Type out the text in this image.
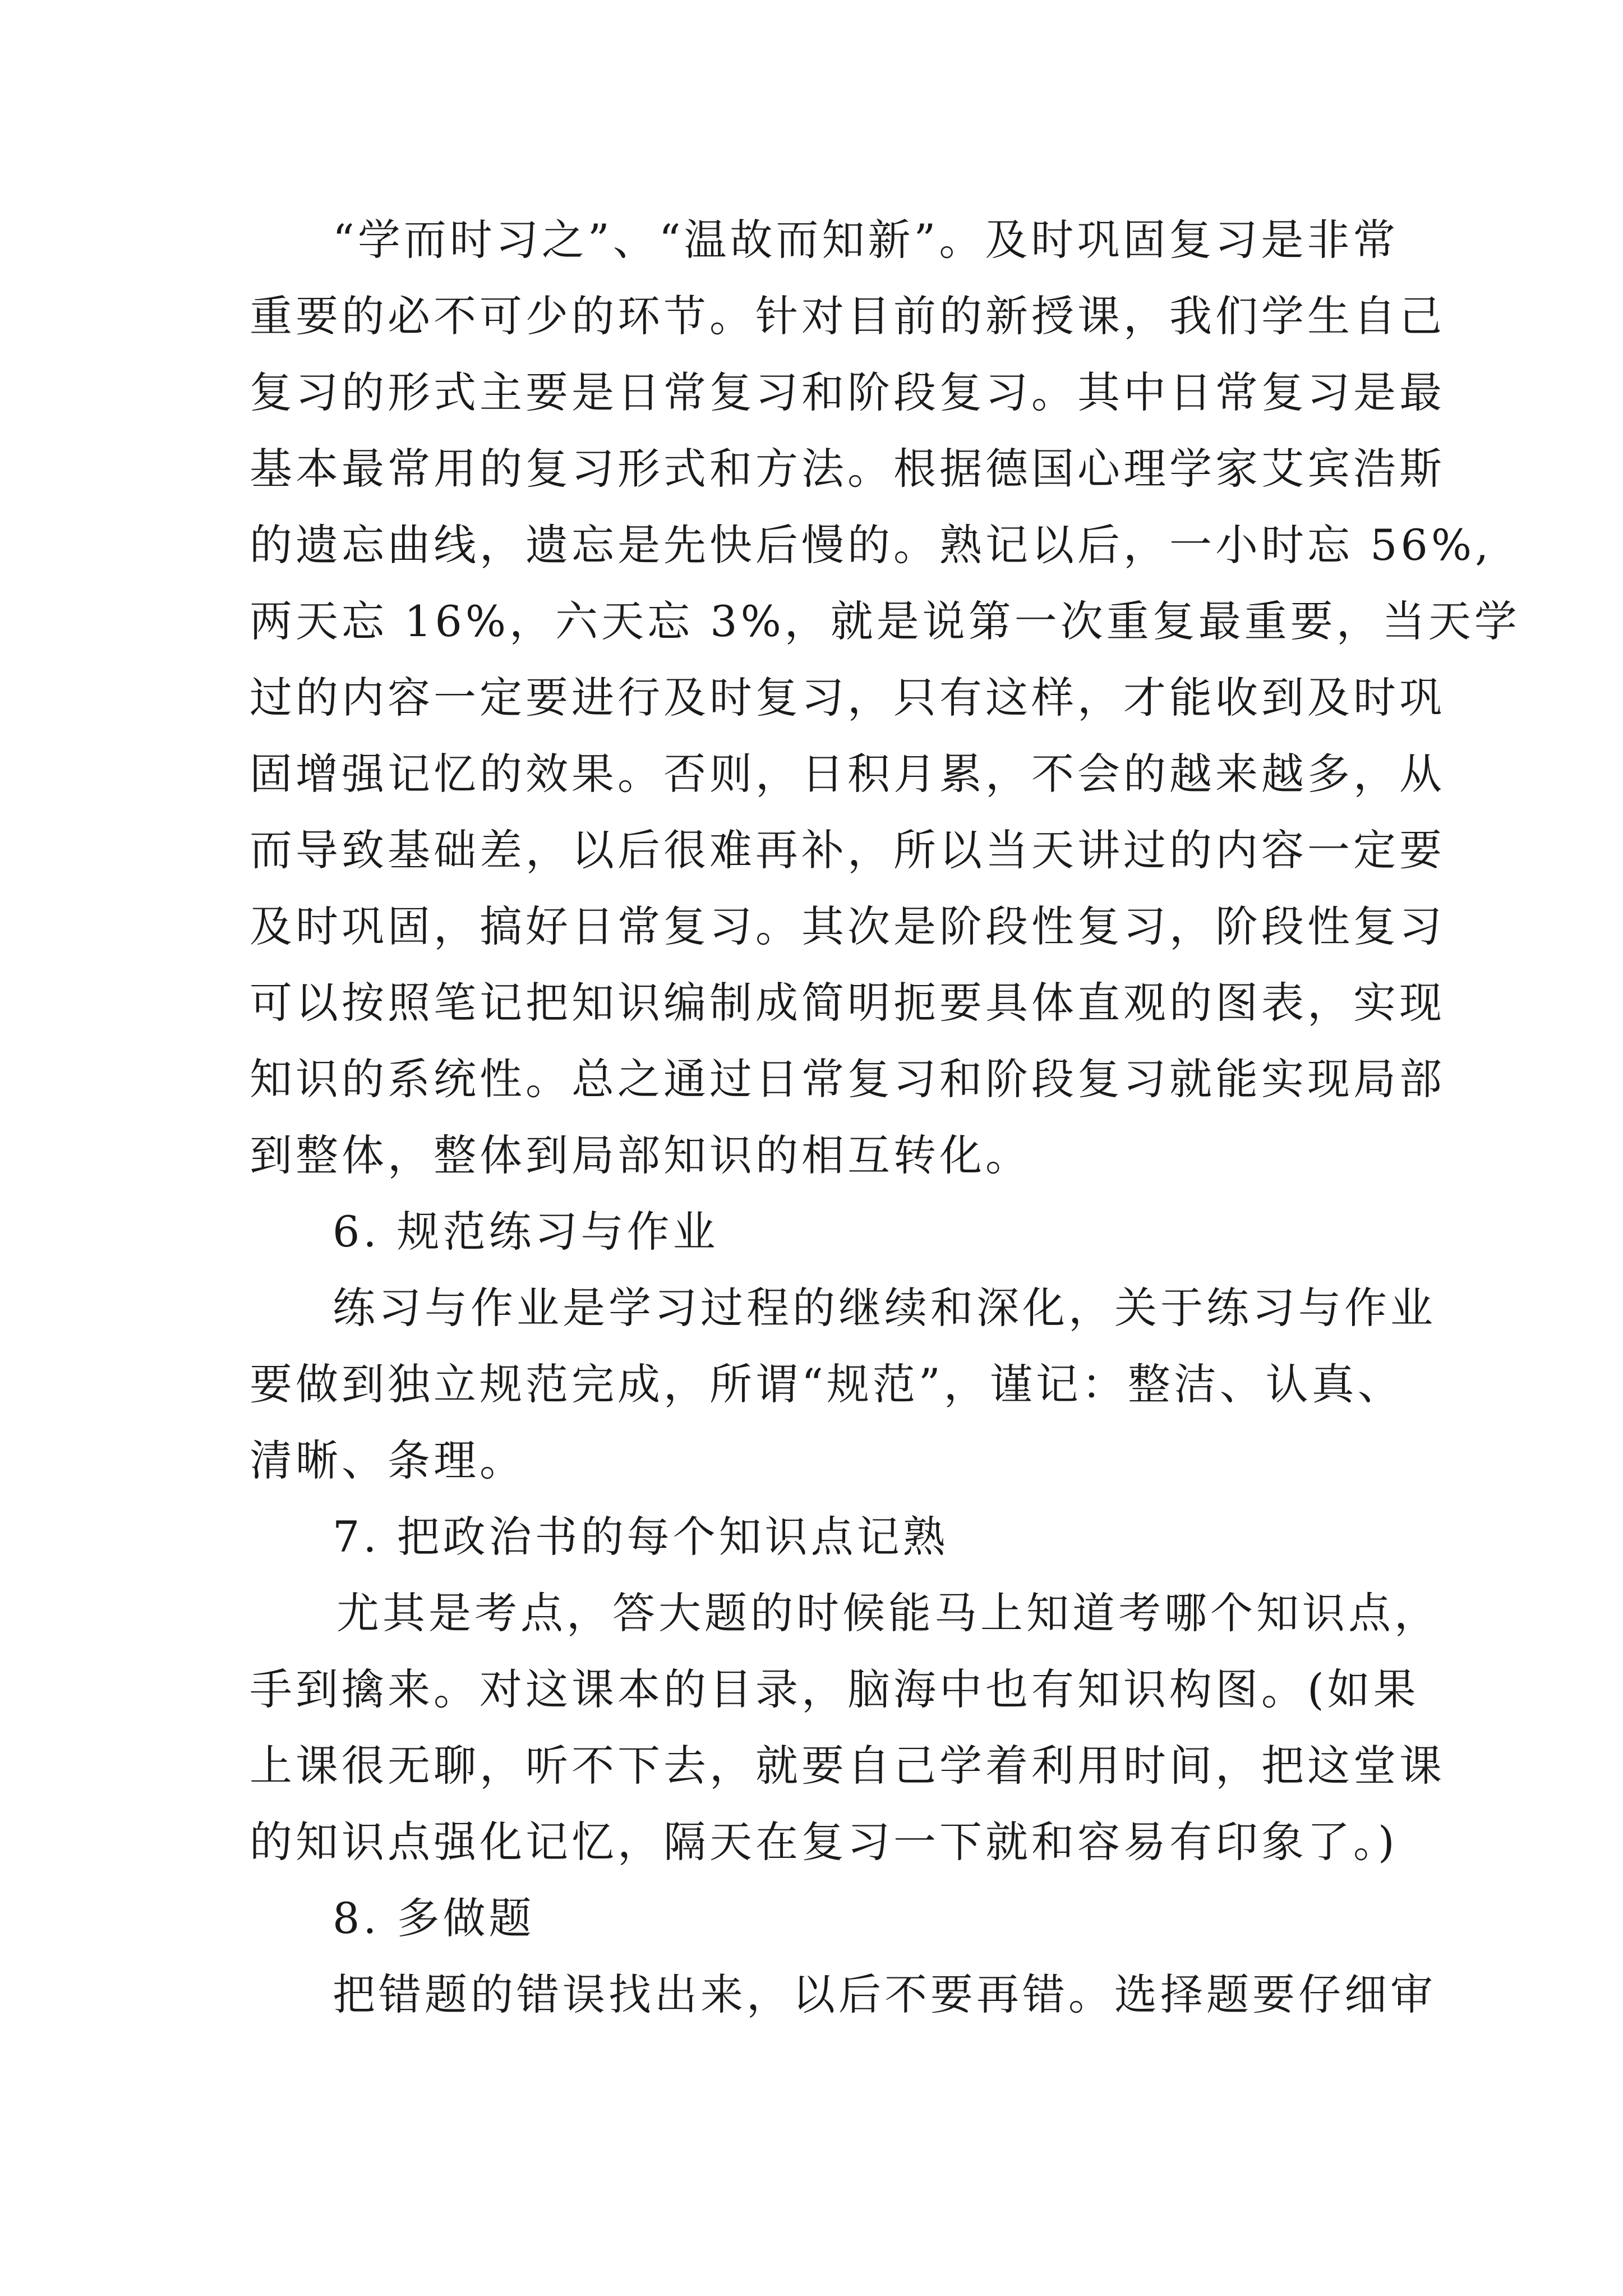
“学而时习之”、“温故而知新”。及时巩固复习是非常
重要的必不可少的环节。针对目前的新授课，我们学生自己
复习的形式主要是日常复习和阶段复习。其中日常复习是最
基本最常用的复习形式和方法。根据德国心理学家艾宾浩斯
的遗忘曲线，遗忘是先快后慢的。熟记以后，一小时忘 56%,
两天忘 16%，六天忘 3%，就是说第一次重复最重要，当天学
过的内容一定要进行及时复习，只有这样，才能收到及时巩
固增强记忆的效果。否则，日积月累，不会的越来越多，从
而导致基础差，以后很难再补，所以当天讲过的内容一定要
及时巩固，搞好日常复习。其次是阶段性复习，阶段性复习
可以按照笔记把知识编制成简明扼要具体直观的图表，实现
知识的系统性。总之通过日常复习和阶段复习就能实现局部
到整体，整体到局部知识的相互转化。
6. 规范练习与作业
练习与作业是学习过程的继续和深化，关于练习与作业
要做到独立规范完成，所谓“规范”，谨记：整洁、认真、
清晰、条理。
7. 把政治书的每个知识点记熟
尤其是考点，答大题的时候能马上知道考哪个知识点，
手到擒来。对这课本的目录，脑海中也有知识构图。(如果
上课很无聊，听不下去，就要自己学着利用时间，把这堂课
的知识点强化记忆，隔天在复习一下就和容易有印象了。)
8. 多做题
把错题的错误找出来，以后不要再错。选择题要仔细审
